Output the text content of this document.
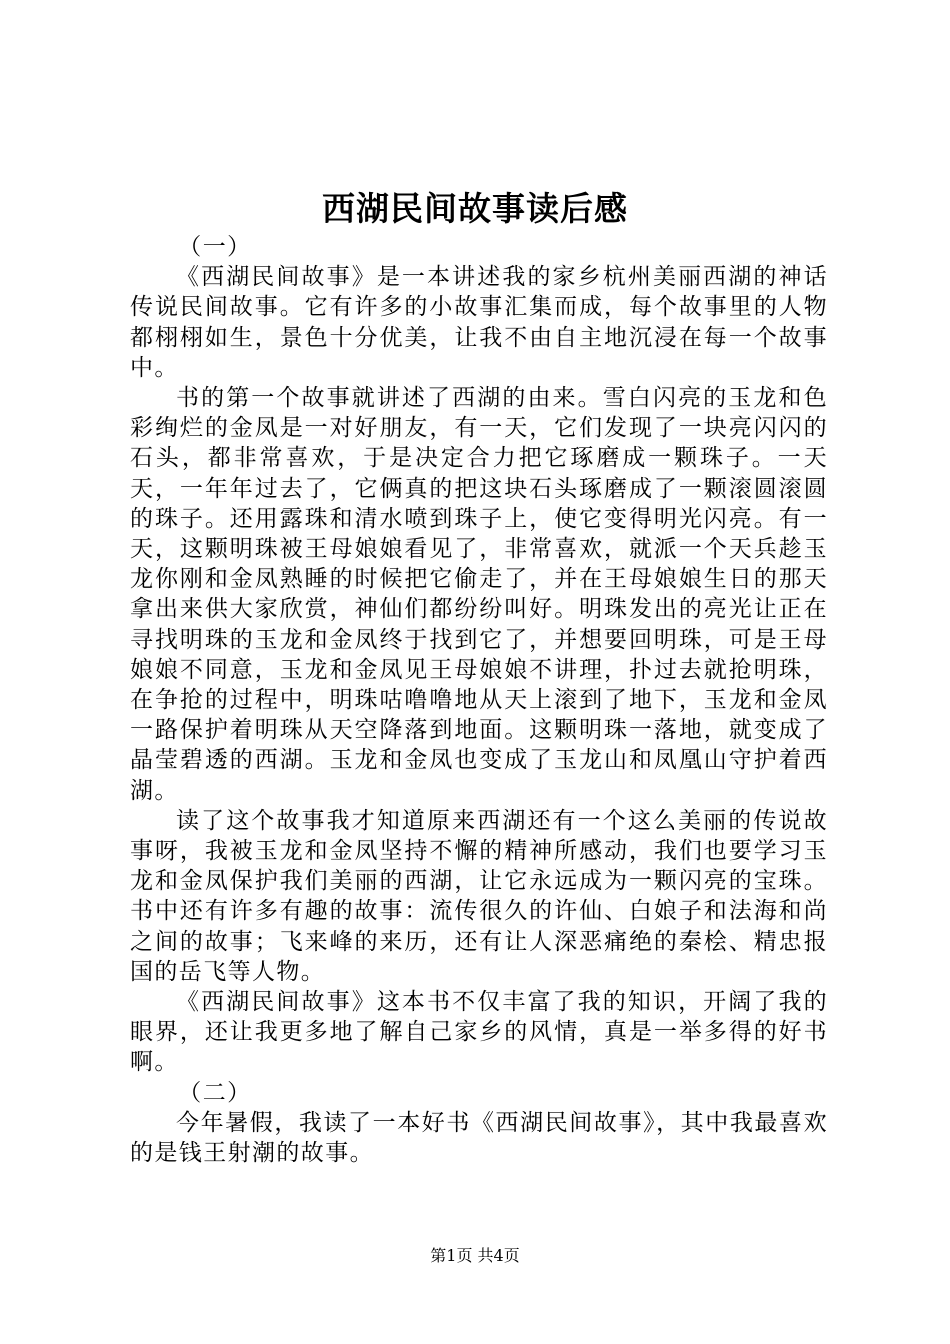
西湖民间故事读后感

（一）

《西湖民间故事》是一本讲述我的家乡杭州美丽西湖的神话传说民间故事。它有许多的小故事汇集而成，每个故事里的人物都栩栩如生，景色十分优美，让我不由自主地沉浸在每一个故事中。

书的第一个故事就讲述了西湖的由来。雪白闪亮的玉龙和色彩绚烂的金凤是一对好朋友，有一天，它们发现了一块亮闪闪的石头，都非常喜欢，于是决定合力把它琢磨成一颗珠子。一天天，一年年过去了，它俩真的把这块石头琢磨成了一颗滚圆滚圆的珠子。还用露珠和清水喷到珠子上，使它变得明光闪亮。有一天，这颗明珠被王母娘娘看见了，非常喜欢，就派一个天兵趁玉龙你刚和金凤熟睡的时候把它偷走了，并在王母娘娘生日的那天拿出来供大家欣赏，神仙们都纷纷叫好。明珠发出的亮光让正在寻找明珠的玉龙和金凤终于找到它了，并想要回明珠，可是王母娘娘不同意，玉龙和金凤见王母娘娘不讲理，扑过去就抢明珠，在争抢的过程中，明珠咕噜噜地从天上滚到了地下，玉龙和金凤一路保护着明珠从天空降落到地面。这颗明珠一落地，就变成了晶莹碧透的西湖。玉龙和金凤也变成了玉龙山和凤凰山守护着西湖。

读了这个故事我才知道原来西湖还有一个这么美丽的传说故事呀，我被玉龙和金凤坚持不懈的精神所感动，我们也要学习玉龙和金凤保护我们美丽的西湖，让它永远成为一颗闪亮的宝珠。书中还有许多有趣的故事：流传很久的许仙、白娘子和法海和尚之间的故事；飞来峰的来历，还有让人深恶痛绝的秦桧、精忠报国的岳飞等人物。

《西湖民间故事》这本书不仅丰富了我的知识，开阔了我的眼界，还让我更多地了解自己家乡的风情，真是一举多得的好书啊。

（二）

今年暑假，我读了一本好书《西湖民间故事》，其中我最喜欢的是钱王射潮的故事。

第1页 共4页
